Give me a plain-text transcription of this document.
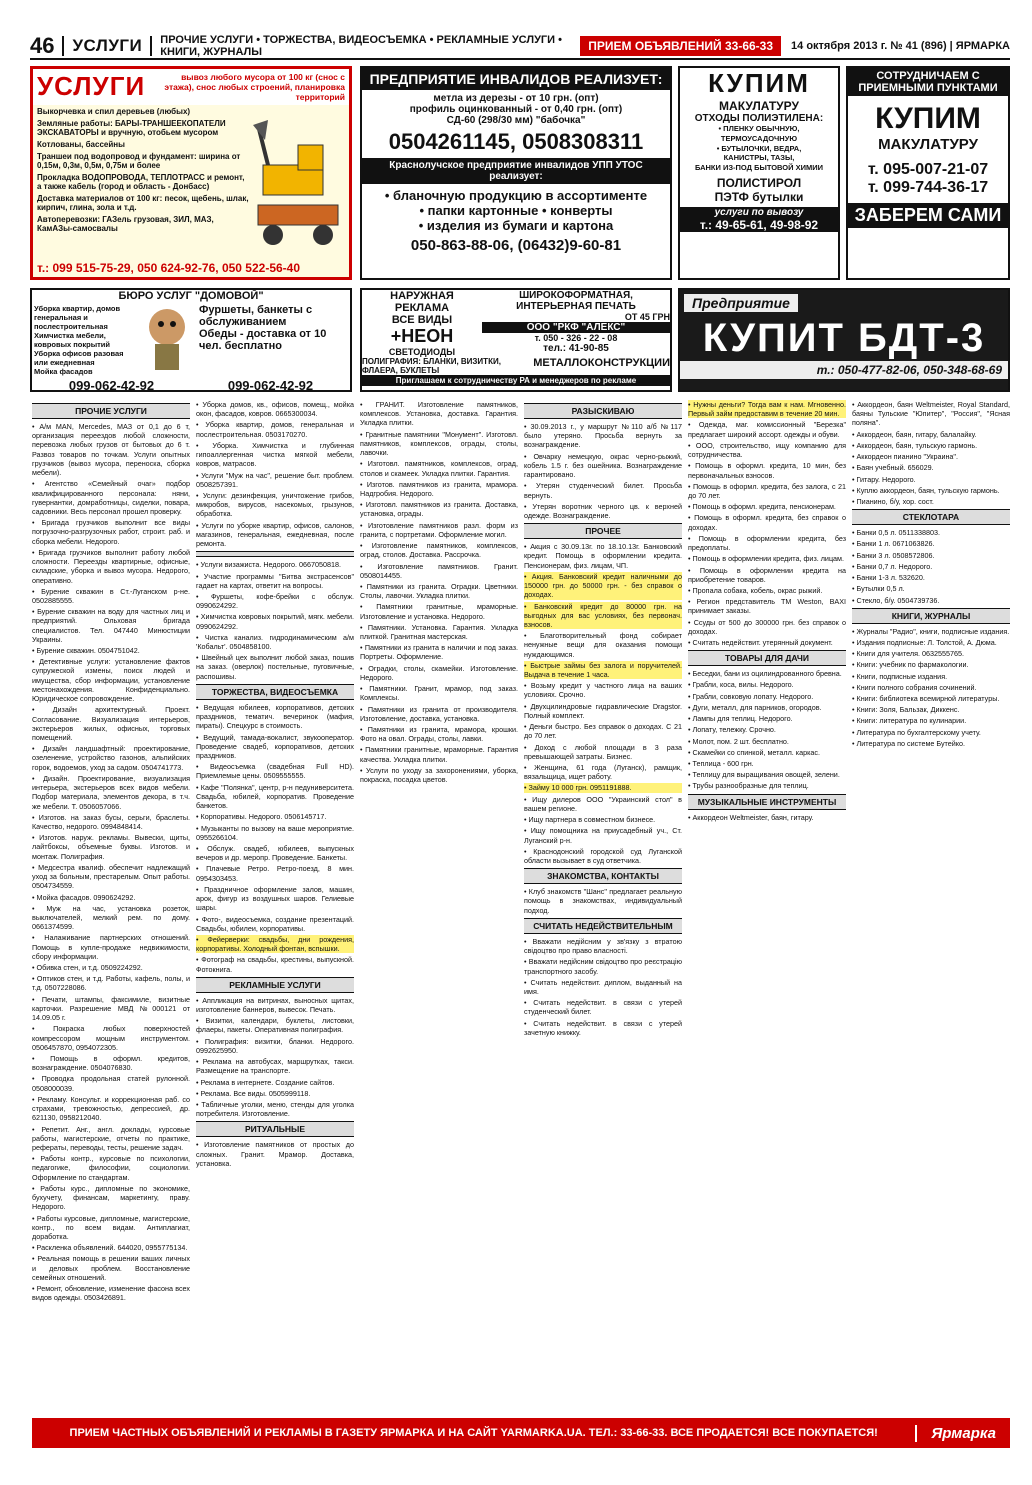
46	УСЛУГИ	ПРОЧИЕ УСЛУГИ • ТОРЖЕСТВА, ВИДЕОСЪЕМКА • РЕКЛАМНЫЕ УСЛУГИ • КНИГИ, ЖУРНАЛЫ	ПРИЕМ ОБЪЯВЛЕНИЙ 33-66-33	14 октября 2013 г. № 41 (896) | ЯРМАРКА
УСЛУГИ	вывоз любого мусора от 100 кг (снос с этажа), снос любых строений, планировка территорий
Выкорчевка и спил деревьев (любых)
Земляные работы: БАРЫ-ТРАНШЕЕКОПАТЕЛИ ЭКСКАВАТОРЫ и вручную, отобьем мусором
Котлованы, бассейны
Траншеи под водопровод и фундамент: ширина от 0,15м, 0,3м, 0,5м, 0,75м и более
Прокладка ВОДОПРОВОДА, ТЕПЛОТРАСС и ремонт, а также кабель (город и область - Донбасс)
Доставка материалов от 100 кг: песок, щебень, шлак, кирпич, глина, зола и т.д.
Автоперевозки: ГАЗель грузовая, ЗИЛ, МАЗ, КамАЗы-самосвалы
т.: 099 515-75-29, 050 624-92-76, 050 522-56-40
ПРЕДПРИЯТИЕ ИНВАЛИДОВ РЕАЛИЗУЕТ:
метла из дерезы - от 10 грн. (опт)
профиль оцинкованный - от 0,40 грн. (опт)
СД-60 (298/30 мм) "бабочка"
0504261145, 0508308311
Краснолучское предприятие инвалидов УПП УТОС реализует:
• бланочную продукцию в ассортименте
• папки картонные • конверты
• изделия из бумаги и картона
050-863-88-06, (06432)9-60-81
КУПИМ
МАКУЛАТУРУ
ОТХОДЫ ПОЛИЭТИЛЕНА:
• ПЛЕНКУ ОБЫЧНУЮ,
ТЕРМОУСАДОЧНУЮ
• БУТЫЛОЧКИ, ВЕДРА,
КАНИСТРЫ, ТАЗЫ,
БАНКИ ИЗ-ПОД БЫТОВОЙ ХИМИИ
ПОЛИСТИРОЛ
ПЭТФ бутылки
услуги по вывозу
т.: 49-65-61, 49-98-92
СОТРУДНИЧАЕМ С ПРИЕМНЫМИ ПУНКТАМИ
КУПИМ
МАКУЛАТУРУ
т. 095-007-21-07
т. 099-744-36-17
ЗАБЕРЕМ САМИ
БЮРО УСЛУГ "ДОМОВОЙ"
Уборка квартир, домов генеральная и послестроительная
Химчистка мебели, ковровых покрытий
Уборка офисов разовая или ежедневная
Мойка фасадов
Фуршеты, банкеты с обслуживанием
Обеды - доставка от 10 чел. бесплатно
099-062-42-92	099-062-42-92
НАРУЖНАЯ РЕКЛАМА
ВСЕ ВИДЫ
+НЕОН
СВЕТОДИОДЫ
ШИРОКОФОРМАТНАЯ, ИНТЕРЬЕРНАЯ ПЕЧАТЬ
ОТ 45 ГРН
ООО "РКФ "АЛЕКС"
т. 050 - 326 - 22 - 08
тел.: 41-90-85
ПОЛИГРАФИЯ: БЛАНКИ, ВИЗИТКИ, ФЛАЕРА, БУКЛЕТЫ
МЕТАЛЛОКОНСТРУКЦИИ
Приглашаем к сотрудничеству РА и менеджеров по рекламе
Предприятие
КУПИТ БДТ-3
т.: 050-477-82-06, 050-348-68-69
ПРОЧИЕ УСЛУГИ
• А/м MAN, Mercedes, МАЗ от 0,1 до 6 т, организация переездов любой сложности, перевозка любых грузов от бытовых до 6 т. Развоз товаров по точкам. Услуги опытных грузчиков (вывоз мусора, переноска, сборка мебели).
• Агентство «Семейный очаг» подбор квалифицированного персонала: няни, гувернантки, домработницы, сиделки, повара, садовники. Весь персонал прошел проверку.
• Бригада грузчиков выполнит все виды погрузочно-разгрузочных работ, строит. раб. и сборка мебели. Недорого.
• Бригада грузчиков выполнит работу любой сложности. Переезды квартирные, офисные, складские, уборка и вывоз мусора. Недорого, оперативно.
• Бурение скважин в Ст.-Луганском р-не. 0502885555.
• Бурение скважин на воду для частных лиц и предприятий. Ольховая бригада специалистов. Тел. 047440 Минюстиции Украины.
• Бурение скважин. 0504751042.
• Детективные услуги: установление фактов супружеской измены, поиск людей и имущества, сбор информации, установление местонахождения. Конфиденциально. Юридическое сопровождение.
• Дизайн архитектурный. Проект. Согласование. Визуализация интерьеров, экстерьеров жилых, офисных, торговых помещений.
• Дизайн ландшафтный: проектирование, озеленение, устройство газонов, альпийских горок, водоемов, уход за садом. 0504741773.
• Дизайн. Проектирование, визуализация интерьера, экстерьеров всех видов мебели. Подбор материала, элементов декора, в т.ч. же мебели. Т. 0506057066.
• Изготов. на заказ бусы, серьги, браслеты. Качество, недорого. 0994848414.
• Изготов. наруж. рекламы. Вывески, щиты, лайтбоксы, объемные буквы. Изготов. и монтаж. Полиграфия.
• Медсестра квалиф. обеспечит надлежащий уход за больным, престарелым. Опыт работы. 0504734559.
• Мойка фасадов. 0990624292.
• Муж на час, установка розеток, выключателей, мелкий рем. по дому. 0661374599.
• Налаживание партнерских отношений. Помощь в купле-продаже недвижимости, сбору информации.
• Обивка стен, и т.д. 0509224292.
• Оптиков стен, и т.д. Работы, кафель, полы, и т.д. 0507228086.
• Печати, штампы, факсимиле, визитные карточки. Разрешение МВД №000121 от 14.09.05 г.
• Покраска любых поверхностей компрессором мощным инструментом. 0506457870, 0954072305.
• Помощь в оформл. кредитов, вознаграждение. 0504076830.
• Проводка продольная статей рулонной. 0508000039.
• Рекламу. Консульт. и коррекционная раб. со страхами, тревожностью, депрессией, др. 621130, 0958212040.
• Репетит. Анг., англ. доклады, курсовые работы, магистерские, отчеты по практике, рефераты, переводы, тесты, решение задач.
• Работы контр., курсовые по психологии, педагогике, философии, социологии. Оформление по стандартам.
• Работы курс., дипломные по экономике, бухучету, финансам, маркетингу, праву. Недорого.
• Работы курсовые, дипломные, магистерские, контр., по всем видам. Антиплагиат, доработка.
• Раскленка объявлений. 644020, 0955775134.
• Реальная помощь в решении ваших личных и деловых проблем. Восстановление семейных отношений.
• Ремонт, обновление, изменение фасона всех видов одежды. 0503426891.
• Уборка домов, кв., офисов, помещ., мойка окон, фасадов, ковров. 0665300034.
• Уборка квартир, домов, генеральная и послестроительная. 0503170270.
• Уборка. Химчистка и глубинная гипоаллергенная чистка мягкой мебели, ковров, матрасов.
• Услуги "Муж на час", решение быт. проблем. 0508257391.
• Услуги: дезинфекция, уничтожение грибов, микробов, вирусов, насекомых, грызунов, обработка.
• Услуги по уборке квартир, офисов, салонов, магазинов, генеральная, ежедневная, после ремонта.
• Услуги визажиста. Недорого. 0667050818.
• Участие программы "Битва экстрасенсов" гадает на картах, ответит на вопросы.
• Фуршеты, кофе-брейки с обслуж. 0990624292.
• Химчистка ковровых покрытий, мягк. мебели. 0990624292.
• Чистка канализ. гидродинамическим а/м 'Кобальт'. 0504858100.
• Швейный цех выполнит любой заказ, пошив на заказ. (оверлок) постельные, пуговичные, распошивы.
ТОРЖЕСТВА, ВИДЕОСЪЕМКА
• Ведущая юбилеев, корпоративов, детских праздников, тематич. вечеринок (мафия, пираты). Спецкурс в стоимость.
• Ведущий, тамада-вокалист, звукооператор. Проведение свадеб, корпоративов, детских праздников.
• Видеосъемка (свадебная Full HD). Приемлемые цены. 0509555555.
• Кафе "Полянка", центр, р-н педуниверситета. Свадьба, юбилей, корпоратив. Проведение банкетов.
• Корпоративы. Недорого. 0506145717.
• Музыканты по вызову на ваше мероприятие. 0955266104.
• Обслуж. свадеб, юбилеев, выпускных вечеров и др. меропр. Проведение. Банкеты.
• Плачевые Ретро. Ретро-поезд, 8 мин. 0954303453.
• Праздничное оформление залов, машин, арок, фигур из воздушных шаров. Гелиевые шары.
• Фото-, видеосъемка, создание презентаций. Свадьбы, юбилеи, корпоративы.
• Фейерверки: свадьбы, дни рождения, корпоративы. Холодный фонтан, вспышки.
• Фотограф на свадьбы, крестины, выпускной. Фотокнига.
РЕКЛАМНЫЕ УСЛУГИ
• Аппликация на витринах, выносных щитах, изготовление баннеров, вывесок. Печать.
• Визитки, календари, буклеты, листовки, флаеры, пакеты. Оперативная полиграфия.
• Полиграфия: визитки, бланки. Недорого. 0992625950.
• Реклама на автобусах, маршрутках, такси. Размещение на транспорте.
• Реклама в интернете. Создание сайтов.
• Реклама. Все виды. 0505999118.
• Табличные уголки, меню, стенды для уголка потребителя. Изготовление.
РИТУАЛЬНЫЕ
• Изготовление памятников от простых до сложных. Гранит. Мрамор. Доставка, установка.
• ГРАНИТ. Изготовление памятников, комплексов. Установка, доставка. Гарантия. Укладка плитки.
• Гранитные памятники "Монумент". Изготовл. памятников, комплексов, ограды, столы, лавочки.
• Изготовл. памятников, комплексов, оград, столов и скамеек. Укладка плитки. Гарантия.
• Изготов. памятников из гранита, мрамора. Надгробия. Недорого.
• Изготовл. памятников из гранита. Доставка, установка, ограды.
• Изготовление памятников разл. форм из гранита, с портретами. Оформление могил.
• Изготовление памятников, комплексов, оград, столов. Доставка. Рассрочка.
• Изготовление памятников. Гранит. 0508014455.
• Памятники из гранита. Оградки. Цветники. Столы, лавочки. Укладка плитки.
• Памятники гранитные, мраморные. Изготовление и установка. Недорого.
• Памятники. Установка. Гарантия. Укладка плиткой. Гранитная мастерская.
• Памятники из гранита в наличии и под заказ. Портреты. Оформление.
• Оградки, столы, скамейки. Изготовление. Недорого.
• Памятники. Гранит, мрамор, под заказ. Комплексы.
• Памятники из гранита от производителя. Изготовление, доставка, установка.
• Памятники из гранита, мрамора, крошки. Фото на овал. Ограды, столы, лавки.
• Памятники гранитные, мраморные. Гарантия качества. Укладка плитки.
• Услуги по уходу за захоронениями, уборка, покраска, посадка цветов.
РАЗЫСКИВАЮ
• 30.09.2013 г., у маршрут №110 а/б №117 было утеряно. Просьба вернуть за вознаграждение.
• Овчарку немецкую, окрас черно-рыжий, кобель 1.5 г. без ошейника. Вознаграждение гарантировано.
• Утерян студенческий билет. Просьба вернуть.
• Утерян воротник черного цв. к верхней одежде. Вознаграждение.
ПРОЧЕЕ
• Акция с 30.09.13г. по 18.10.13г. Банковский кредит. Помощь в оформлении кредита. Пенсионерам, физ. лицам, ЧП.
• Акция. Банковский кредит наличными до 150000 грн. до 50000 грн. - без справок о доходах.
• Банковский кредит до 80000 грн. на выгодных для вас условиях, без первонач. взносов.
• Благотворительный фонд собирает ненужные вещи для оказания помощи нуждающимся.
• Быстрые займы без залога и поручителей. Выдача в течение 1 часа.
• Возьму кредит у частного лица на ваших условиях. Срочно.
• Двухцилиндровые гидравлические Dragstor. Полный комплект.
• Деньги быстро. Без справок о доходах. С 21 до 70 лет.
• Доход с любой площади в 3 раза превышающей затраты. Бизнес.
• Женщина, 61 года (Луганск), рамщик, вязальщица, ищет работу.
• Займу 10 000 грн. 0951191888.
• Ищу дилеров ООО "Украинский стол" в вашем регионе.
• Ищу партнера в совместном бизнесе.
• Ищу помощника на приусадебный уч., Ст. Луганский р-н.
• Краснодонский городской суд Луганской области вызывает в суд ответчика.
ЗНАКОМСТВА, КОНТАКТЫ
• Клуб знакомств "Шанс" предлагает реальную помощь в знакомствах, индивидуальный подход.
СЧИТАТЬ НЕДЕЙСТВИТЕЛЬНЫМ
• Вважати недійсним у зв'язку з втратою свідоцтво про право власності.
• Вважати недійсним свідоцтво про реєстрацію транспортного засобу.
• Считать недействит. диплом, выданный на имя.
• Считать недействит. в связи с утерей студенческий билет.
• Считать недействит. в связи с утерей зачетную книжку.
• Нужны деньги? Тогда вам к нам. Мгновенно. Первый займ предоставим в течение 20 мин.
• Одежда, маг. комиссионный "Березка" предлагает широкий ассорт. одежды и обуви.
• ООО, строительство, ищу компанию для сотрудничества.
• Помощь в оформл. кредита, 10 мин, без первоначальных взносов.
• Помощь в оформл. кредита, без залога, с 21 до 70 лет.
• Помощь в оформл. кредита, пенсионерам.
• Помощь в оформл. кредита, без справок о доходах.
• Помощь в оформлении кредита, без предоплаты.
• Помощь в оформлении кредита, физ. лицам.
• Помощь в оформлении кредита на приобретение товаров.
• Пропала собака, кобель, окрас рыжий.
• Регион представитель TM Weston, BAXI принимает заказы.
• Ссуды от 500 до 300000 грн. без справок о доходах.
• Считать недействит. утерянный документ.
ТОВАРЫ ДЛЯ ДАЧИ
• Беседки, бани из оцилиндрованного бревна.
• Грабли, коса, вилы. Недорого.
• Грабли, совковую лопату. Недорого.
• Дуги, металл, для парников, огородов.
• Лампы для теплиц. Недорого.
• Лопату, тележку. Срочно.
• Молот, пом. 2 шт. бесплатно.
• Скамейки со спинкой, металл. каркас.
• Теплица - 600 грн.
• Теплицу для выращивания овощей, зелени.
• Трубы разнообразные для теплиц.
МУЗЫКАЛЬНЫЕ ИНСТРУМЕНТЫ
• Аккордеон Weltmeister, баян, гитару.
• Аккордеон, баян Weltmeister, Royal Standard, баяны Тульские "Юпитер", "Россия", "Ясная поляна".
• Аккордеон, баян, гитару, балалайку.
• Аккордеон, баян, тульскую гармонь.
• Аккордеон пианино "Украина".
• Баян учебный. 656029.
• Гитару. Недорого.
• Куплю аккордеон, баян, тульскую гармонь.
• Пианино, б/у, хор. сост.
СТЕКЛОТАРА
• Банки 0,5 л. 0511338803.
• Банки 1 л. 0671063826.
• Банки 3 л. 0508572806.
• Банки 0,7 л. Недорого.
• Банки 1-3 л. 532620.
• Бутылки 0,5 л.
• Стекло, б/у. 0504739736.
КНИГИ, ЖУРНАЛЫ
• Журналы "Радио", книги, подписные издания.
• Издания подписные: Л. Толстой, А. Дюма.
• Книги для учителя. 0632555765.
• Книги: учебник по фармакологии.
• Книги, подписные издания.
• Книги полного собрания сочинений.
• Книги: библиотека всемирной литературы.
• Книги: Золя, Бальзак, Диккенс.
• Книги: литература по кулинарии.
• Литература по бухгалтерскому учету.
• Литература по системе Бутейко.
ПРИЕМ ЧАСТНЫХ ОБЪЯВЛЕНИЙ И РЕКЛАМЫ В ГАЗЕТУ ЯРМАРКА И НА САЙТ YARMARKA.UA. ТЕЛ.: 33-66-33. ВСЕ ПРОДАЕТСЯ! ВСЕ ПОКУПАЕТСЯ!	Ярмарка
